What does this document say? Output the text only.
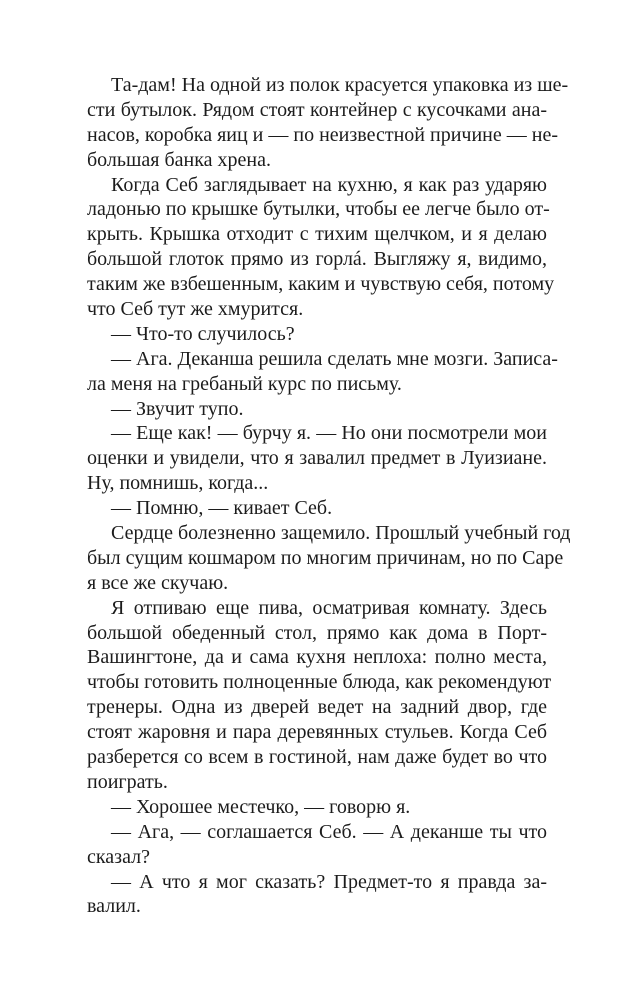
Та-дам! На одной из полок красуется упаковка из ше-
сти бутылок. Рядом стоят контейнер с кусочками ана-
насов, коробка яиц и — по неизвестной причине — не-
большая банка хрена.
Когда Себ заглядывает на кухню, я как раз ударяю
ладонью по крышке бутылки, чтобы ее легче было от-
крыть. Крышка отходит с тихим щелчком, и я делаю
большой глоток прямо из горлá. Выгляжу я, видимо,
таким же взбешенным, каким и чувствую себя, потому
что Себ тут же хмурится.
— Что-то случилось?
— Ага. Деканша решила сделать мне мозги. Записа-
ла меня на гребаный курс по письму.
— Звучит тупо.
— Еще как! — бурчу я. — Но они посмотрели мои
оценки и увидели, что я завалил предмет в Луизиане.
Ну, помнишь, когда...
— Помню, — кивает Себ.
Сердце болезненно защемило. Прошлый учебный год
был сущим кошмаром по многим причинам, но по Саре
я все же скучаю.
Я отпиваю еще пива, осматривая комнату. Здесь
большой обеденный стол, прямо как дома в Порт-
Вашингтоне, да и сама кухня неплоха: полно места,
чтобы готовить полноценные блюда, как рекомендуют
тренеры. Одна из дверей ведет на задний двор, где
стоят жаровня и пара деревянных стульев. Когда Себ
разберется со всем в гостиной, нам даже будет во что
поиграть.
— Хорошее местечко, — говорю я.
— Ага, — соглашается Себ. — А деканше ты что
сказал?
— А что я мог сказать? Предмет-то я правда за-
валил.
